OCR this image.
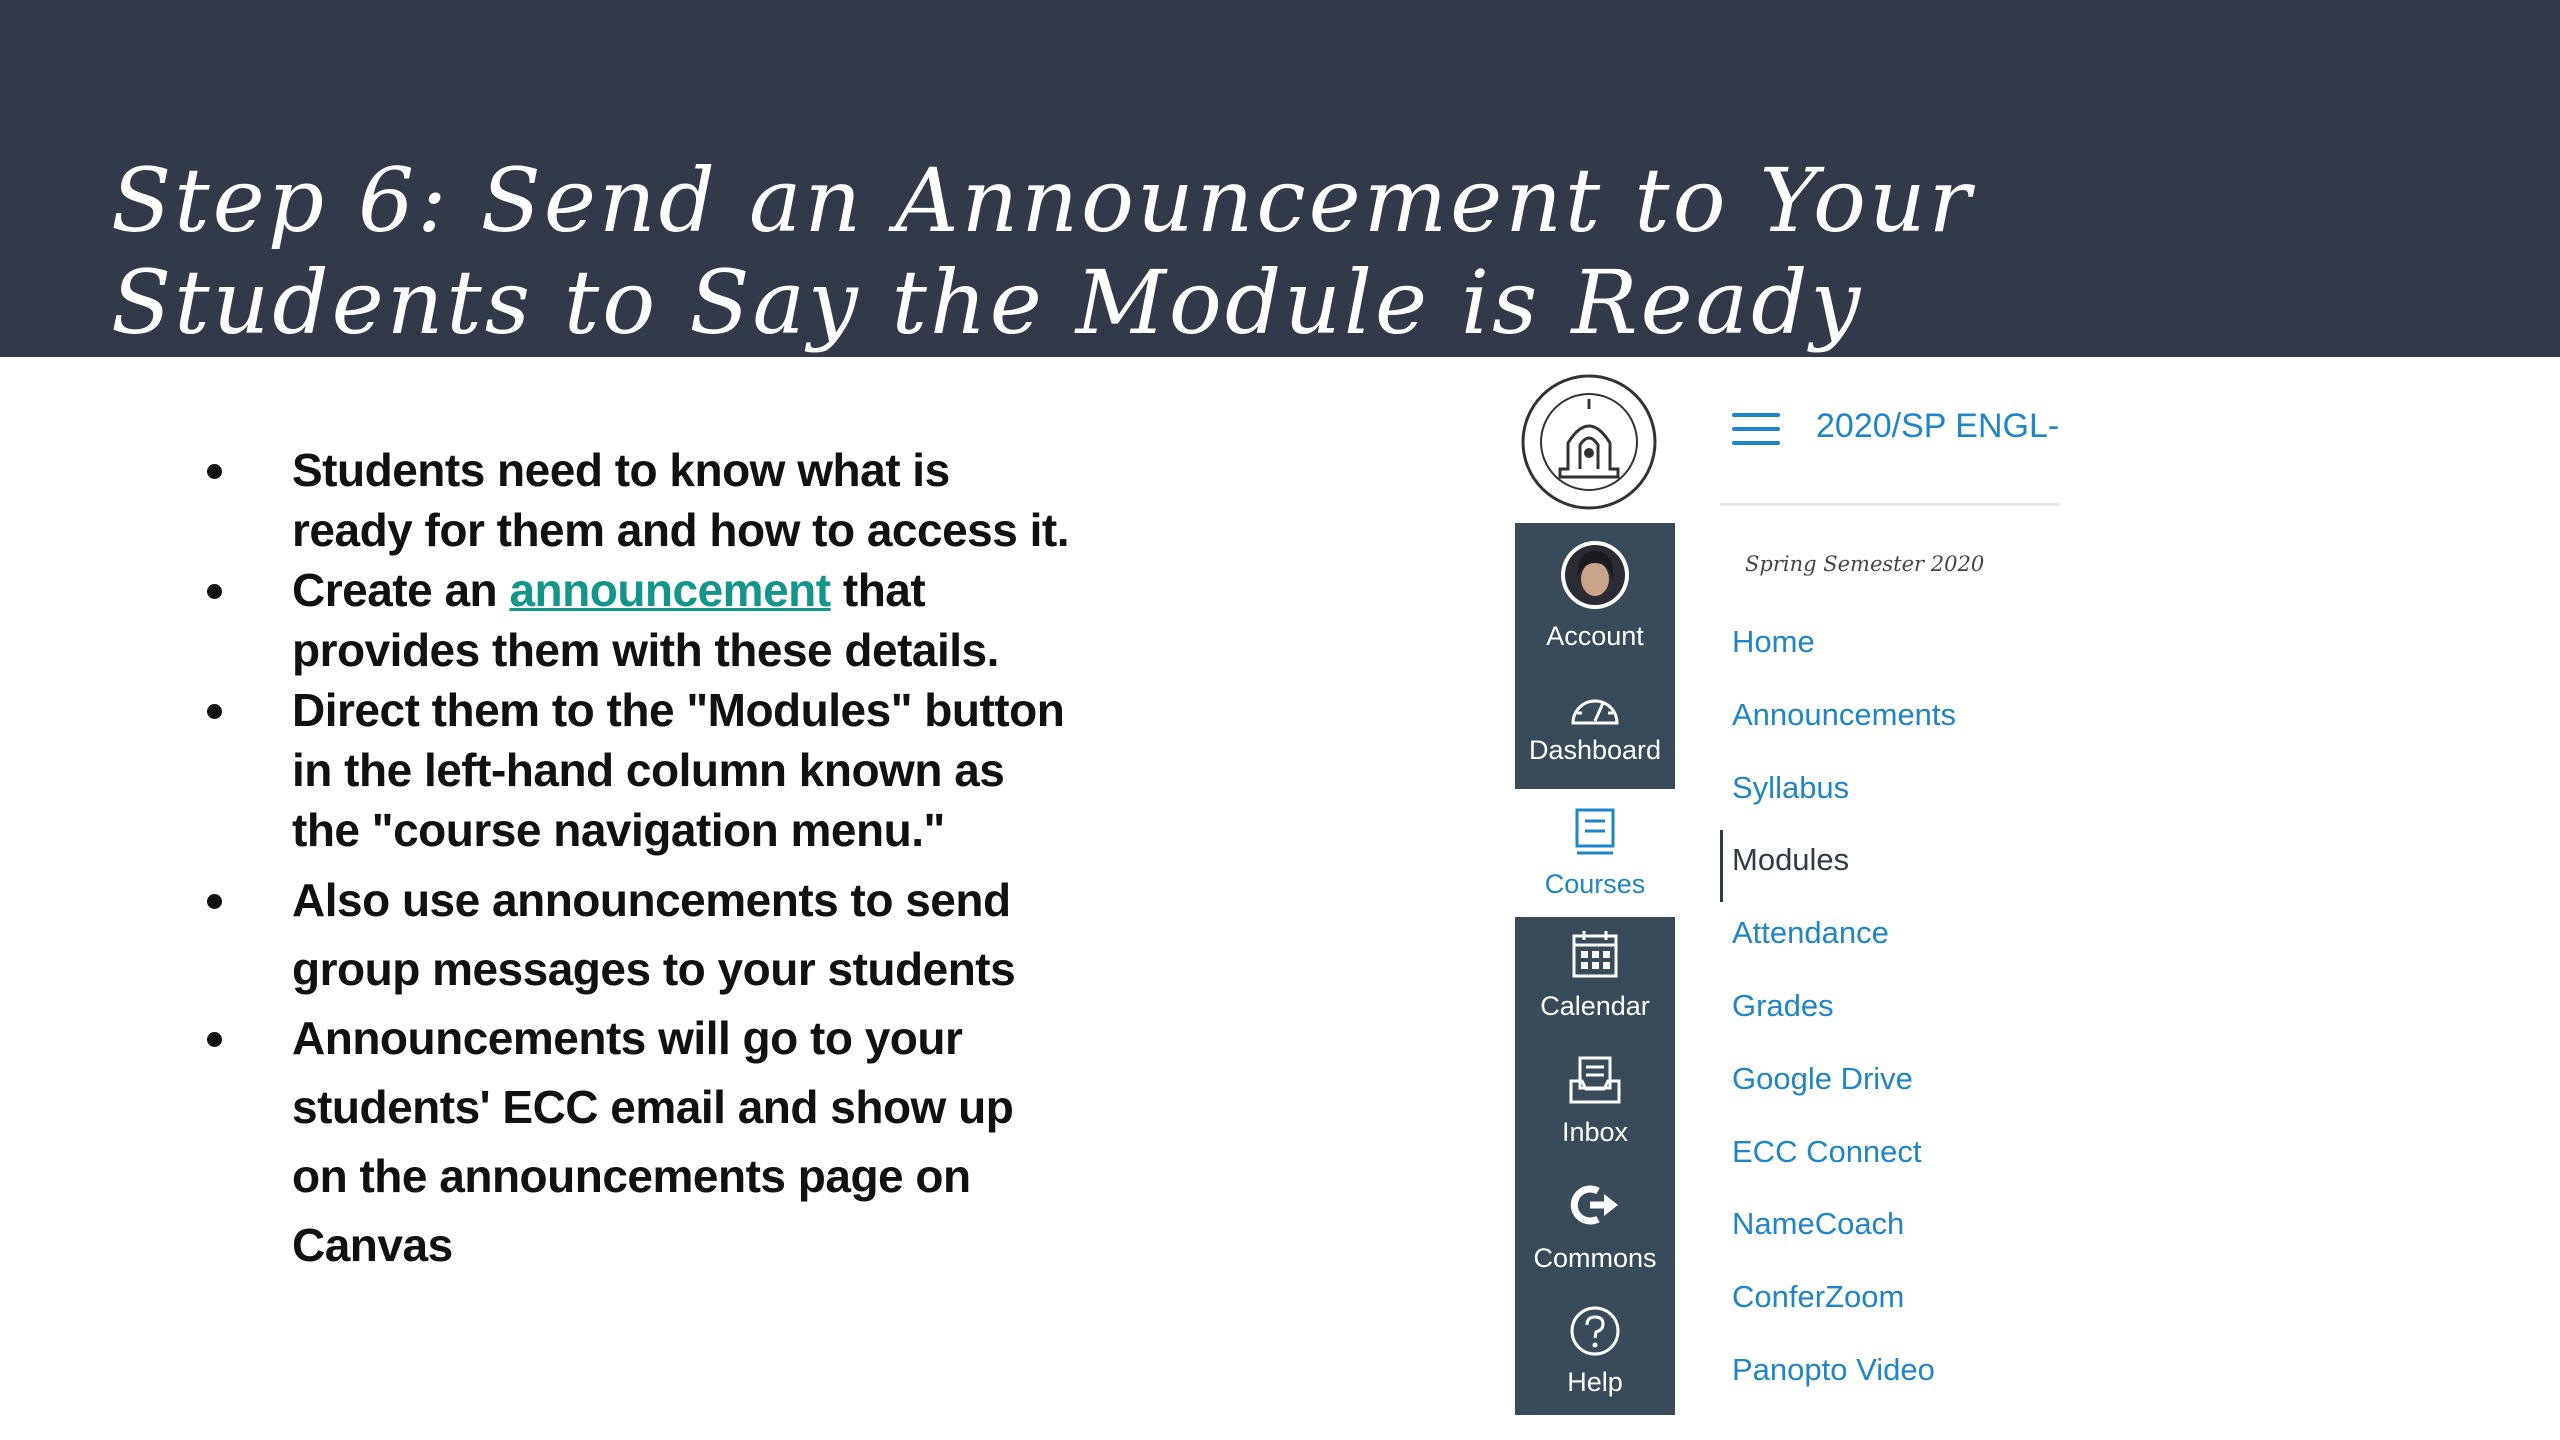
Step 6: Send an Announcement to Your Students to Say the Module is Ready
Students need to know what is ready for them and how to access it.
Create an announcement that provides them with these details.
Direct them to the "Modules" button in the left-hand column known as the "course navigation menu."
Also use announcements to send group messages to your students
Announcements will go to your students' ECC email and show up on the announcements page on Canvas
Account
Dashboard
Courses
Calendar
Inbox
Commons
Help
2020/SP ENGL-
Spring Semester 2020
Home
Announcements
Syllabus
Modules
Attendance
Grades
Google Drive
ECC Connect
NameCoach
ConferZoom
Panopto Video
